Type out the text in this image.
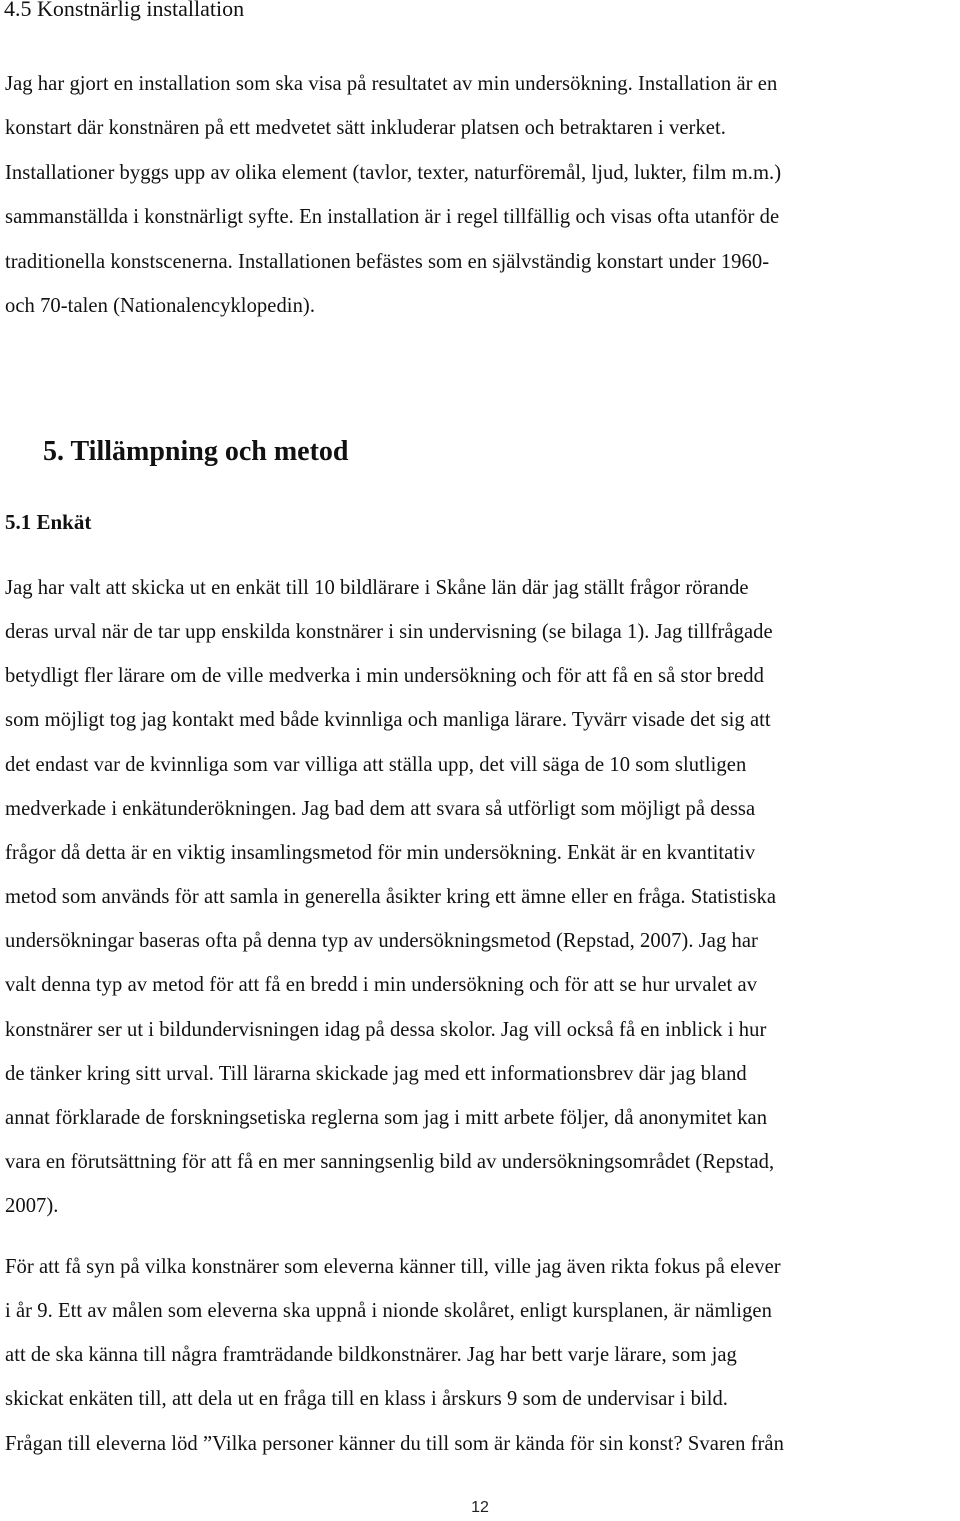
4.5 Konstnärlig installation

Jag har gjort en installation som ska visa på resultatet av min undersökning. Installation är en
konstart där konstnären på ett medvetet sätt inkluderar platsen och betraktaren i verket.
Installationer byggs upp av olika element (tavlor, texter, naturföremål, ljud, lukter, film m.m.)
sammanställda i konstnärligt syfte. En installation är i regel tillfällig och visas ofta utanför de
traditionella konstscenerna. Installationen befästes som en självständig konstart under 1960-
och 70-talen (Nationalencyklopedin).

5. Tillämpning och metod
5.1 Enkät

Jag har valt att skicka ut en enkät till 10 bildlärare i Skåne län där jag ställt frågor rörande
deras urval när de tar upp enskilda konstnärer i sin undervisning (se bilaga 1). Jag tillfrågade
betydligt fler lärare om de ville medverka i min undersökning och för att få en så stor bredd
som möjligt tog jag kontakt med både kvinnliga och manliga lärare. Tyvärr visade det sig att
det endast var de kvinnliga som var villiga att ställa upp, det vill säga de 10 som slutligen
medverkade i enkätunderökningen. Jag bad dem att svara så utförligt som möjligt på dessa
frågor då detta är en viktig insamlingsmetod för min undersökning. Enkät är en kvantitativ
metod som används för att samla in generella åsikter kring ett ämne eller en fråga. Statistiska
undersökningar baseras ofta på denna typ av undersökningsmetod (Repstad, 2007). Jag har
valt denna typ av metod för att få en bredd i min undersökning och för att se hur urvalet av
konstnärer ser ut i bildundervisningen idag på dessa skolor. Jag vill också få en inblick i hur
de tänker kring sitt urval. Till lärarna skickade jag med ett informationsbrev där jag bland
annat förklarade de forskningsetiska reglerna som jag i mitt arbete följer, då anonymitet kan
vara en förutsättning för att få en mer sanningsenlig bild av undersökningsområdet (Repstad,
2007).

För att få syn på vilka konstnärer som eleverna känner till, ville jag även rikta fokus på elever
i år 9. Ett av målen som eleverna ska uppnå i nionde skolåret, enligt kursplanen, är nämligen
att de ska känna till några framträdande bildkonstnärer. Jag har bett varje lärare, som jag
skickat enkäten till, att dela ut en fråga till en klass i årskurs 9 som de undervisar i bild.
Frågan till eleverna löd ”Vilka personer känner du till som är kända för sin konst? Svaren från

12
